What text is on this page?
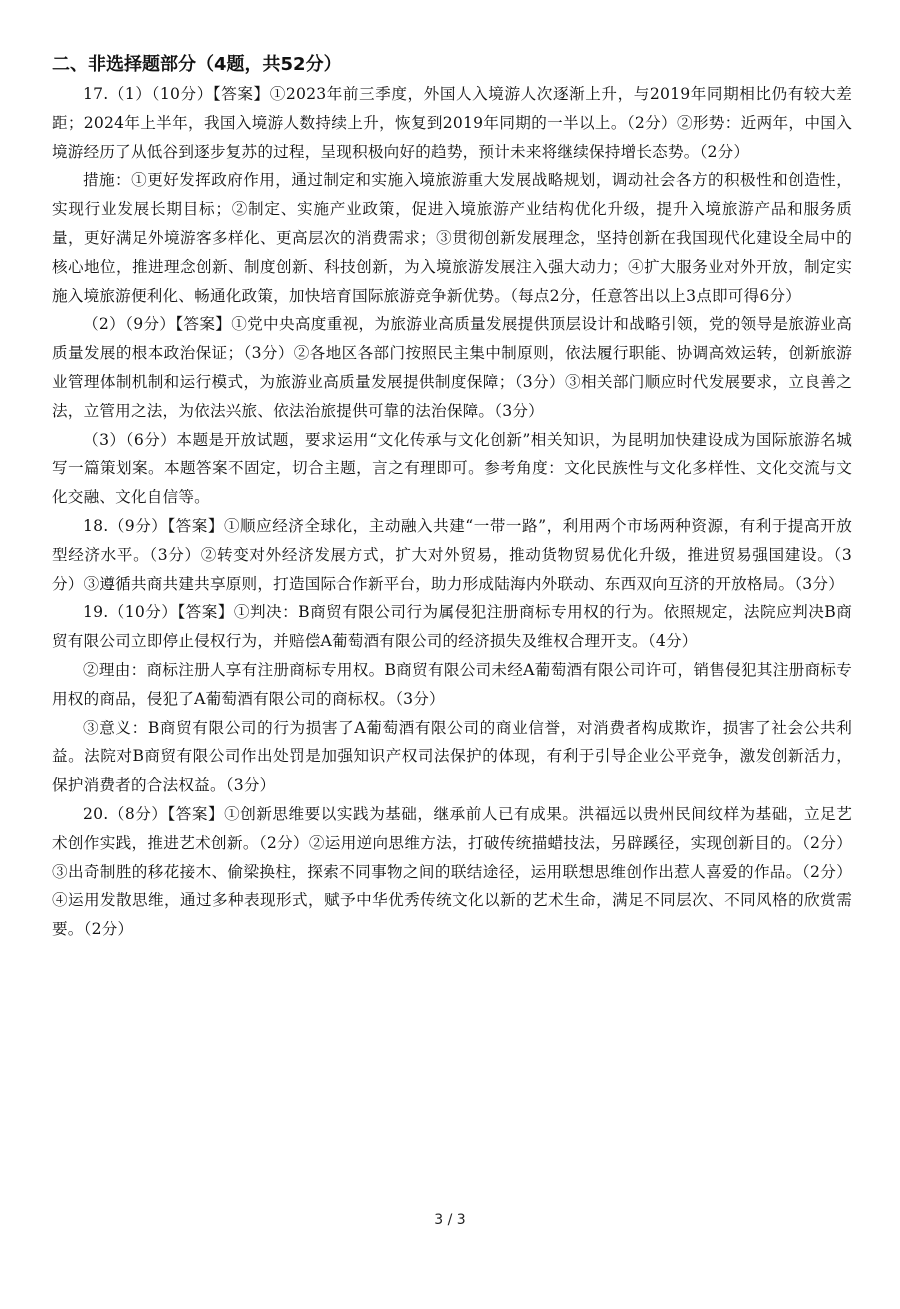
二、非选择题部分（4题，共52分）

17.（1）（10分）【答案】①2023年前三季度，外国人入境游人次逐渐上升，与2019年同期相比仍有较大差距；2024年上半年，我国入境游人数持续上升，恢复到2019年同期的一半以上。（2分）②形势：近两年，中国入境游经历了从低谷到逐步复苏的过程，呈现积极向好的趋势，预计未来将继续保持增长态势。（2分）

措施：①更好发挥政府作用，通过制定和实施入境旅游重大发展战略规划，调动社会各方的积极性和创造性，实现行业发展长期目标；②制定、实施产业政策，促进入境旅游产业结构优化升级，提升入境旅游产品和服务质量，更好满足外境游客多样化、更高层次的消费需求；③贯彻创新发展理念，坚持创新在我国现代化建设全局中的核心地位，推进理念创新、制度创新、科技创新，为入境旅游发展注入强大动力；④扩大服务业对外开放，制定实施入境旅游便利化、畅通化政策，加快培育国际旅游竞争新优势。（每点2分，任意答出以上3点即可得6分）

（2）（9分）【答案】①党中央高度重视，为旅游业高质量发展提供顶层设计和战略引领，党的领导是旅游业高质量发展的根本政治保证；（3分）②各地区各部门按照民主集中制原则，依法履行职能、协调高效运转，创新旅游业管理体制机制和运行模式，为旅游业高质量发展提供制度保障；（3分）③相关部门顺应时代发展要求，立良善之法，立管用之法，为依法兴旅、依法治旅提供可靠的法治保障。（3分）

（3）（6分）本题是开放试题，要求运用“文化传承与文化创新”相关知识，为昆明加快建设成为国际旅游名城写一篇策划案。本题答案不固定，切合主题，言之有理即可。参考角度：文化民族性与文化多样性、文化交流与文化交融、文化自信等。

18.（9分）【答案】①顺应经济全球化，主动融入共建“一带一路”，利用两个市场两种资源，有利于提高开放型经济水平。（3分）②转变对外经济发展方式，扩大对外贸易，推动货物贸易优化升级，推进贸易强国建设。（3分）③遵循共商共建共享原则，打造国际合作新平台，助力形成陆海内外联动、东西双向互济的开放格局。（3分）

19.（10分）【答案】①判决：B商贸有限公司行为属侵犯注册商标专用权的行为。依照规定，法院应判决B商贸有限公司立即停止侵权行为，并赔偿A葡萄酒有限公司的经济损失及维权合理开支。（4分）

②理由：商标注册人享有注册商标专用权。B商贸有限公司未经A葡萄酒有限公司许可，销售侵犯其注册商标专用权的商品，侵犯了A葡萄酒有限公司的商标权。（3分）

③意义：B商贸有限公司的行为损害了A葡萄酒有限公司的商业信誉，对消费者构成欺诈，损害了社会公共利益。法院对B商贸有限公司作出处罚是加强知识产权司法保护的体现，有利于引导企业公平竞争，激发创新活力，保护消费者的合法权益。（3分）

20.（8分）【答案】①创新思维要以实践为基础，继承前人已有成果。洪福远以贵州民间纹样为基础，立足艺术创作实践，推进艺术创新。（2分）②运用逆向思维方法，打破传统描蜡技法，另辟蹊径，实现创新目的。（2分）③出奇制胜的移花接木、偷梁换柱，探索不同事物之间的联结途径，运用联想思维创作出惹人喜爱的作品。（2分）④运用发散思维，通过多种表现形式，赋予中华优秀传统文化以新的艺术生命，满足不同层次、不同风格的欣赏需要。（2分）

3 / 3
